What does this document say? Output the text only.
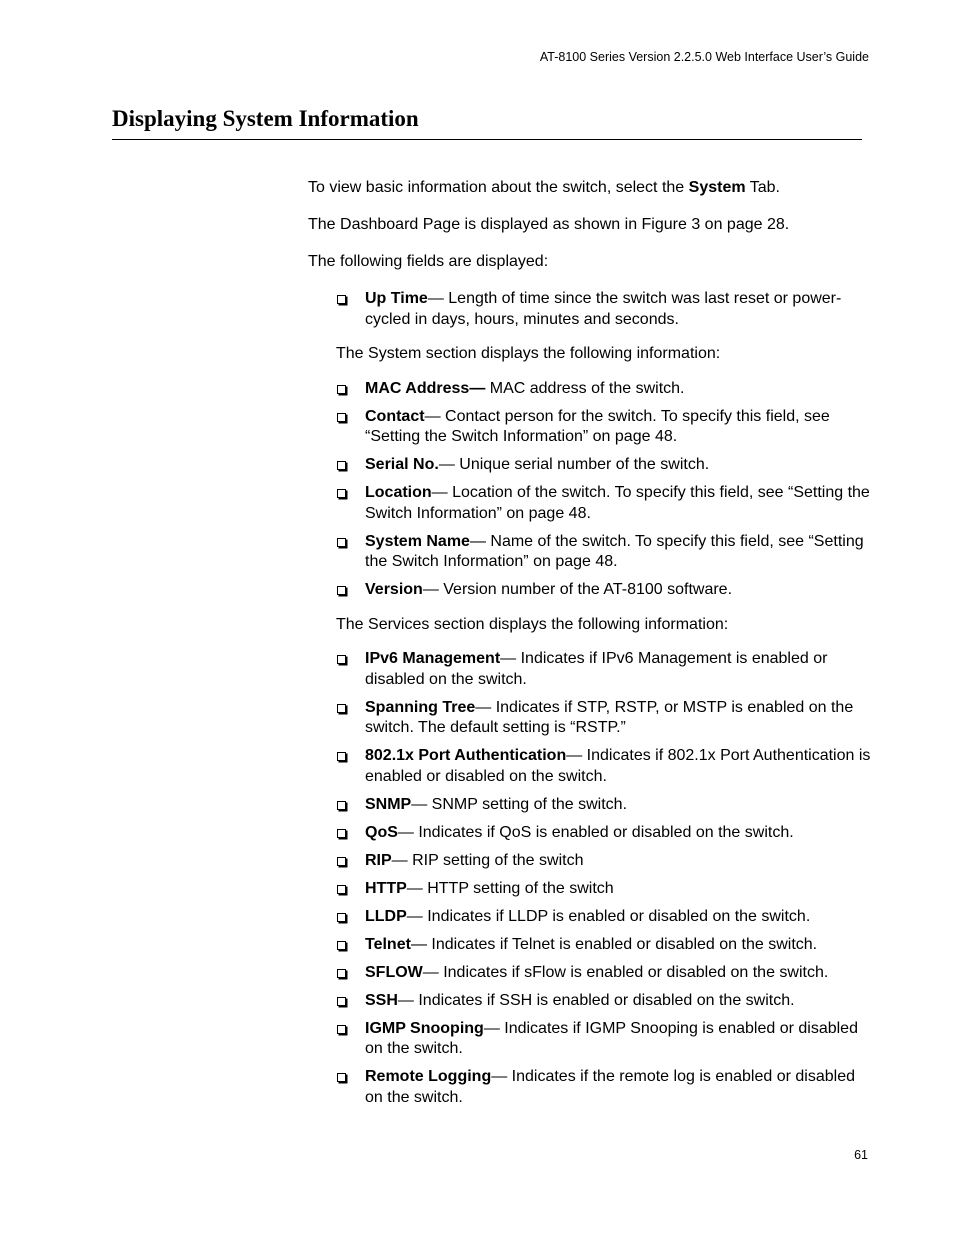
AT-8100 Series Version 2.2.5.0 Web Interface User’s Guide
Displaying System Information

To view basic information about the switch, select the System Tab.

The Dashboard Page is displayed as shown in Figure 3 on page 28.

The following fields are displayed:

Up Time— Length of time since the switch was last reset or power-cycled in days, hours, minutes and seconds.

The System section displays the following information:

MAC Address— MAC address of the switch.
Contact— Contact person for the switch. To specify this field, see “Setting the Switch Information” on page 48.
Serial No.— Unique serial number of the switch.
Location— Location of the switch. To specify this field, see “Setting the Switch Information” on page 48.
System Name— Name of the switch. To specify this field, see “Setting the Switch Information” on page 48.
Version— Version number of the AT-8100 software.

The Services section displays the following information:

IPv6 Management— Indicates if IPv6 Management is enabled or disabled on the switch.
Spanning Tree— Indicates if STP, RSTP, or MSTP is enabled on the switch. The default setting is “RSTP.”
802.1x Port Authentication— Indicates if 802.1x Port Authentication is enabled or disabled on the switch.
SNMP— SNMP setting of the switch.
QoS— Indicates if QoS is enabled or disabled on the switch.
RIP— RIP setting of the switch
HTTP— HTTP setting of the switch
LLDP— Indicates if LLDP is enabled or disabled on the switch.
Telnet— Indicates if Telnet is enabled or disabled on the switch.
SFLOW— Indicates if sFlow is enabled or disabled on the switch.
SSH— Indicates if SSH is enabled or disabled on the switch.
IGMP Snooping— Indicates if IGMP Snooping is enabled or disabled on the switch.
Remote Logging— Indicates if the remote log is enabled or disabled on the switch.
61
